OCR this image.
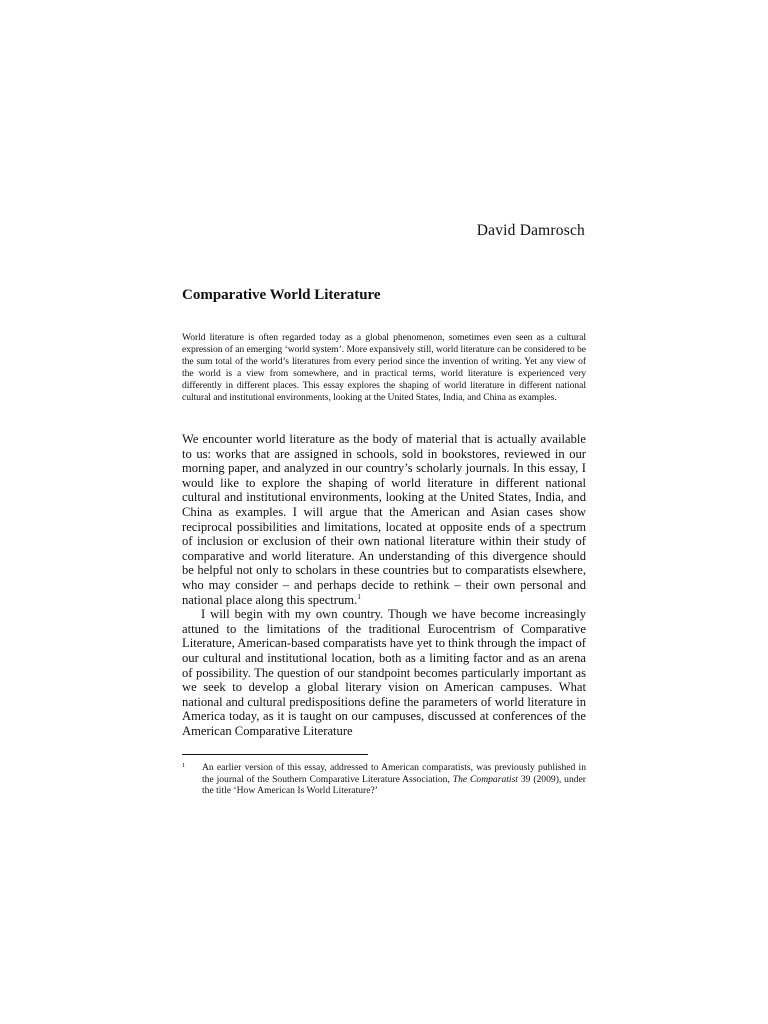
David Damrosch
Comparative World Literature

World literature is often regarded today as a global phenomenon, sometimes even seen as a cultural expression of an emerging ‘world system’. More expansively still, world literature can be considered to be the sum total of the world’s literatures from every period since the invention of writing. Yet any view of the world is a view from somewhere, and in practical terms, world literature is experienced very differently in different places. This essay explores the shaping of world literature in different national cultural and institutional environments, looking at the United States, India, and China as examples.

We encounter world literature as the body of material that is actually available to us: works that are assigned in schools, sold in bookstores, reviewed in our morning paper, and analyzed in our country’s scholarly journals. In this essay, I would like to explore the shaping of world literature in different national cultural and institutional environments, looking at the United States, India, and China as examples. I will argue that the American and Asian cases show reciprocal possibilities and limitations, located at opposite ends of a spectrum of inclusion or exclusion of their own national literature within their study of comparative and world literature. An understanding of this divergence should be helpful not only to scholars in these countries but to comparatists elsewhere, who may consider – and perhaps decide to rethink – their own personal and national place along this spectrum.$^1$

I will begin with my own country. Though we have become increasingly attuned to the limitations of the traditional Eurocentrism of Comparative Literature, American-based comparatists have yet to think through the impact of our cultural and institutional location, both as a limiting factor and as an arena of possibility. The question of our standpoint becomes particularly important as we seek to develop a global literary vision on American campuses. What national and cultural predispositions define the parameters of world literature in America today, as it is taught on our campuses, discussed at conferences of the American Comparative Literature

1	An earlier version of this essay, addressed to American comparatists, was previously published in the journal of the Southern Comparative Literature Association, The Comparatist 39 (2009), under the title ‘How American Is World Literature?’
